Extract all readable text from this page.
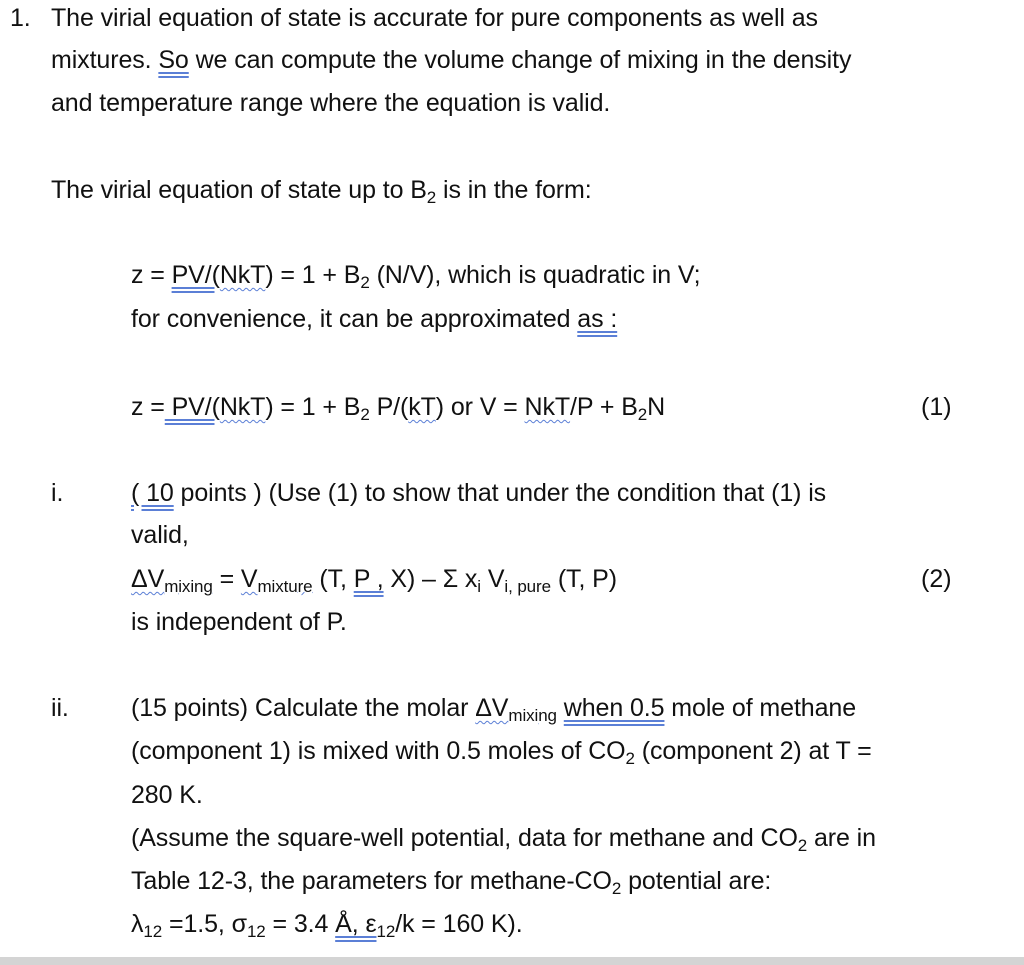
1. The virial equation of state is accurate for pure components as well as
mixtures. So we can compute the volume change of mixing in the density
and temperature range where the equation is valid.
The virial equation of state up to $B_2$ is in the form:
$z = PV/(NkT) = 1 + B_2$ (N/V), which is quadratic in V;
for convenience, it can be approximated as :
$z = PV/(NkT) = 1 + B_2$ P/(kT) or $V = NkT/P + B_2N$	(1)
i.	( 10 points ) (Use (1) to show that under the condition that (1) is
valid,
$\Delta V_{mixing} = V_{mixture}$ (T, P , X) – Σ $x_i$ $V_{i, pure}$ (T, P)	(2)
is independent of P.
ii. (15 points) Calculate the molar $\Delta V_{mixing}$ when 0.5 mole of methane
(component 1) is mixed with 0.5 moles of $CO_2$ (component 2) at T =
280 K.
(Assume the square-well potential, data for methane and $CO_2$ are in
Table 12-3, the parameters for methane-$CO_2$ potential are:
$\lambda_{12} =1.5$, $\sigma_{12} = 3.4$ Å, $\varepsilon_{12}/k = 160$ K).
